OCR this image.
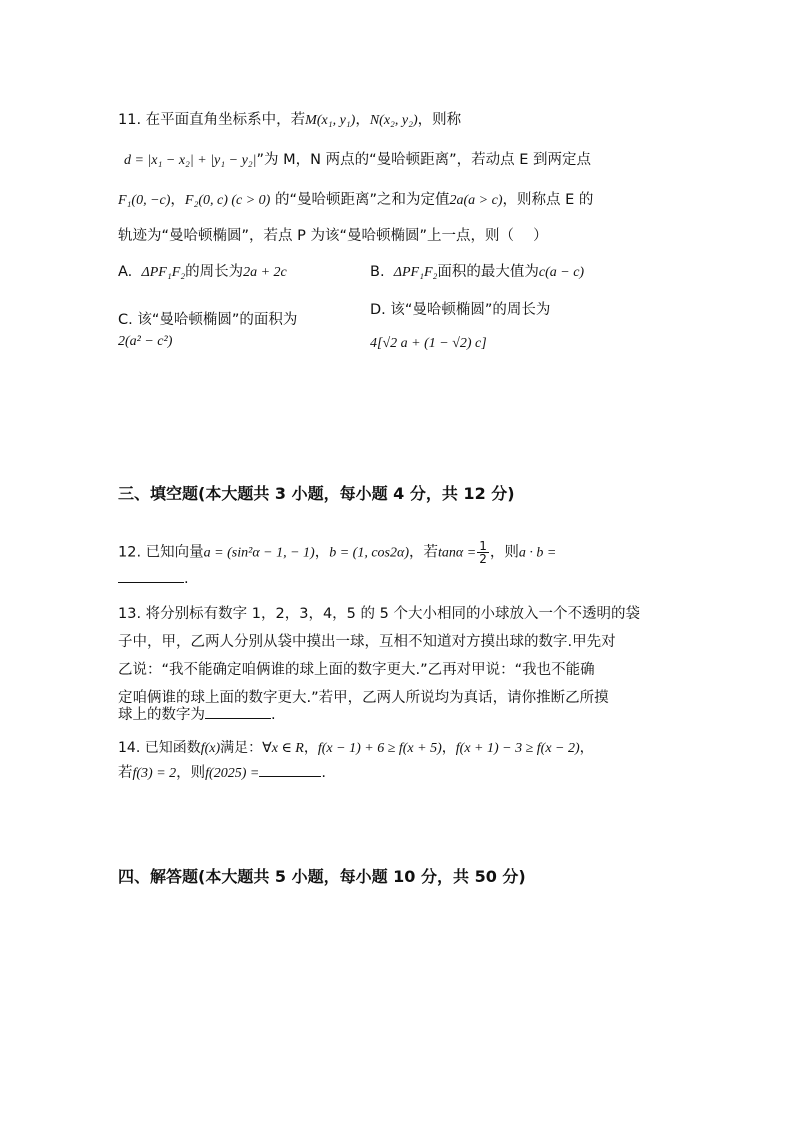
11. 在平面直角坐标系中，若M(x₁, y₁)，N(x₂, y₂)，则称
d = |x₁ − x₂| + |y₁ − y₂|”为 M，N 两点的“曼哈顿距离”，若动点 E 到两定点
F₁(0, −c)，F₂(0, c) (c > 0) 的“曼哈顿距离”之和为定值2a(a > c)，则称点 E 的
轨迹为“曼哈顿椭圆”，若点 P 为该“曼哈顿椭圆”上一点，则（　 ）
A. ΔPF₁F₂的周长为2a + 2c	B. ΔPF₁F₂面积的最大值为c(a − c)
C. 该“曼哈顿椭圆”的面积为
2(a² − c²)
D. 该“曼哈顿椭圆”的周长为
4[√2 a + (1 − √2) c]
三、填空题(本大题共 3 小题，每小题 4 分，共 12 分)
12. 已知向量a = (sin²α − 1, − 1)，b = (1, cos2α)，若$\tan\alpha = \frac{1}{2}$ ，则a · b =
.
13. 将分别标有数字 1，2，3，4，5 的 5 个大小相同的小球放入一个不透明的袋
子中，甲，乙两人分别从袋中摸出一球，互相不知道对方摸出球的数字.甲先对
乙说：“我不能确定咱俩谁的球上面的数字更大.”乙再对甲说：“我也不能确
定咱俩谁的球上面的数字更大.”若甲，乙两人所说均为真话，请你推断乙所摸
球上的数字为	.
14. 已知函数f(x)满足：∀x ∈ R，f(x − 1) + 6 ≥ f(x + 5)，f(x + 1) − 3 ≥ f(x − 2)，
若f(3) = 2，则f(2025) =	.
四、解答题(本大题共 5 小题，每小题 10 分，共 50 分)
